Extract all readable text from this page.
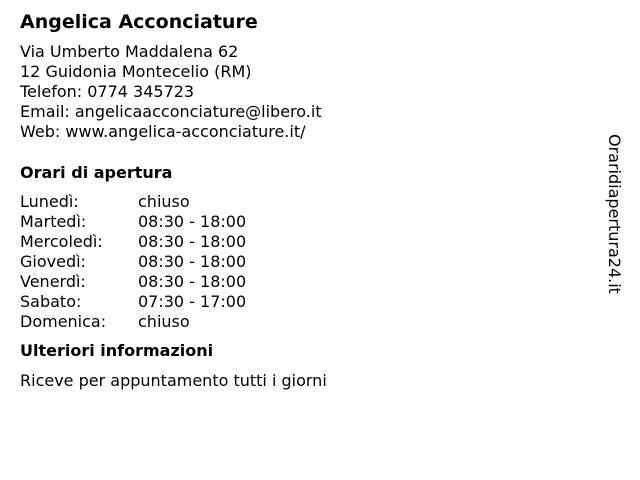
Angelica Acconciature
Via Umberto Maddalena 62
12 Guidonia Montecelio (RM)
Telefon: 0774 345723
Email: angelicaacconciature@libero.it
Web: www.angelica-acconciature.it/
Orari di apertura
Lunedì:	chiuso
Martedì:	08:30 - 18:00
Mercoledì: 08:30 - 18:00
Giovedì:	08:30 - 18:00
Venerdì:	08:30 - 18:00
Sabato:	07:30 - 17:00
Domenica: chiuso
Ulteriori informazioni
Riceve per appuntamento tutti i giorni
Oraridiapertura24.it
